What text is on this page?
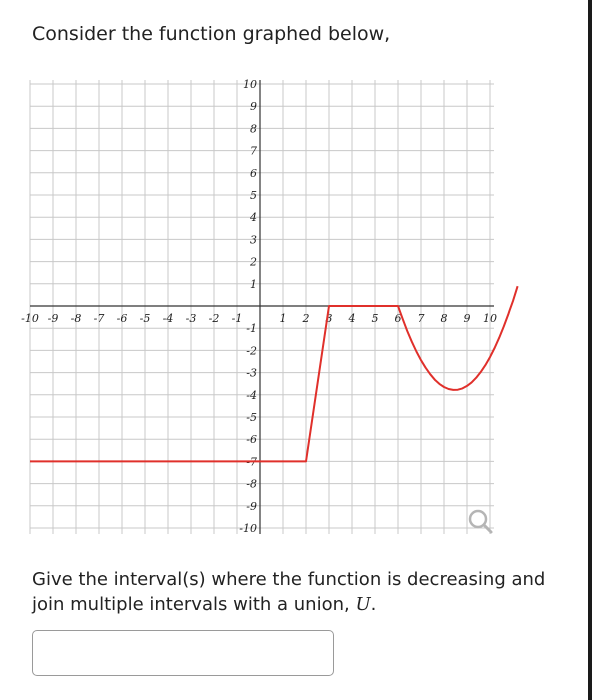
Consider the function graphed below,
-10 -9 -8 -7 -6 -5 -4 -3 -2 -1	1 2 3 4 5 6 7 8 9 10
10
9
8
7
6
5
4
3
2
1
-1
-2
-3
-4
-5
-6
-7
-8
-9
-10

Give the interval(s) where the function is decreasing and join multiple intervals with a union, U.
